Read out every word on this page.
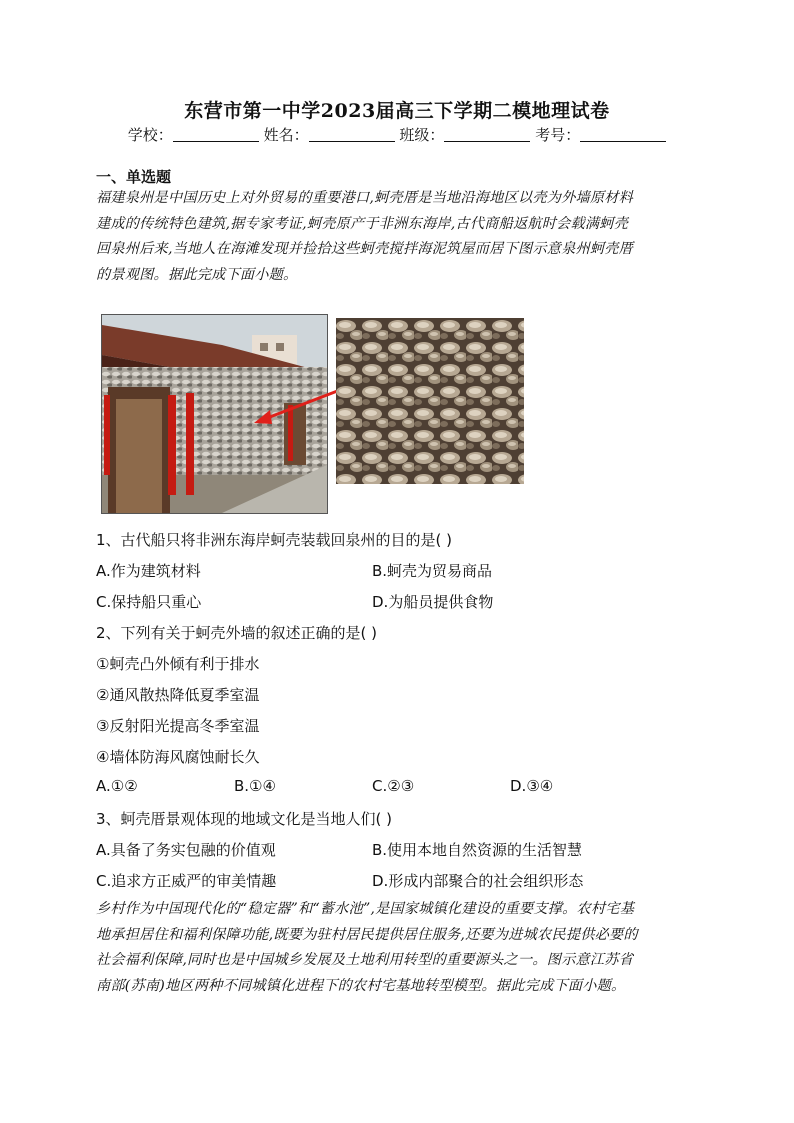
东营市第一中学2023届高三下学期二模地理试卷
学校：	姓名：	班级：	考号：
一、单选题
福建泉州是中国历史上对外贸易的重要港口,蚵壳厝是当地沿海地区以壳为外墙原材料
建成的传统特色建筑,据专家考证,蚵壳原产于非洲东海岸,古代商船返航时会载满蚵壳
回泉州后来,当地人在海滩发现并捡拾这些蚵壳搅拌海泥筑屋而居下图示意泉州蚵壳厝
的景观图。据此完成下面小题。
1、古代船只将非洲东海岸蚵壳装载回泉州的目的是( )
A.作为建筑材料	B.蚵壳为贸易商品
C.保持船只重心	D.为船员提供食物
2、下列有关于蚵壳外墙的叙述正确的是( )
①蚵壳凸外倾有利于排水
②通风散热降低夏季室温
③反射阳光提高冬季室温
④墙体防海风腐蚀耐长久
A.①②	B.①④	C.②③	D.③④
3、蚵壳厝景观体现的地域文化是当地人们( )
A.具备了务实包融的价值观	B.使用本地自然资源的生活智慧
C.追求方正威严的审美情趣	D.形成内部聚合的社会组织形态
乡村作为中国现代化的“稳定器”和“蓄水池”,是国家城镇化建设的重要支撑。农村宅基
地承担居住和福利保障功能,既要为驻村居民提供居住服务,还要为进城农民提供必要的
社会福利保障,同时也是中国城乡发展及土地利用转型的重要源头之一。图示意江苏省
南部(苏南)地区两种不同城镇化进程下的农村宅基地转型模型。据此完成下面小题。
